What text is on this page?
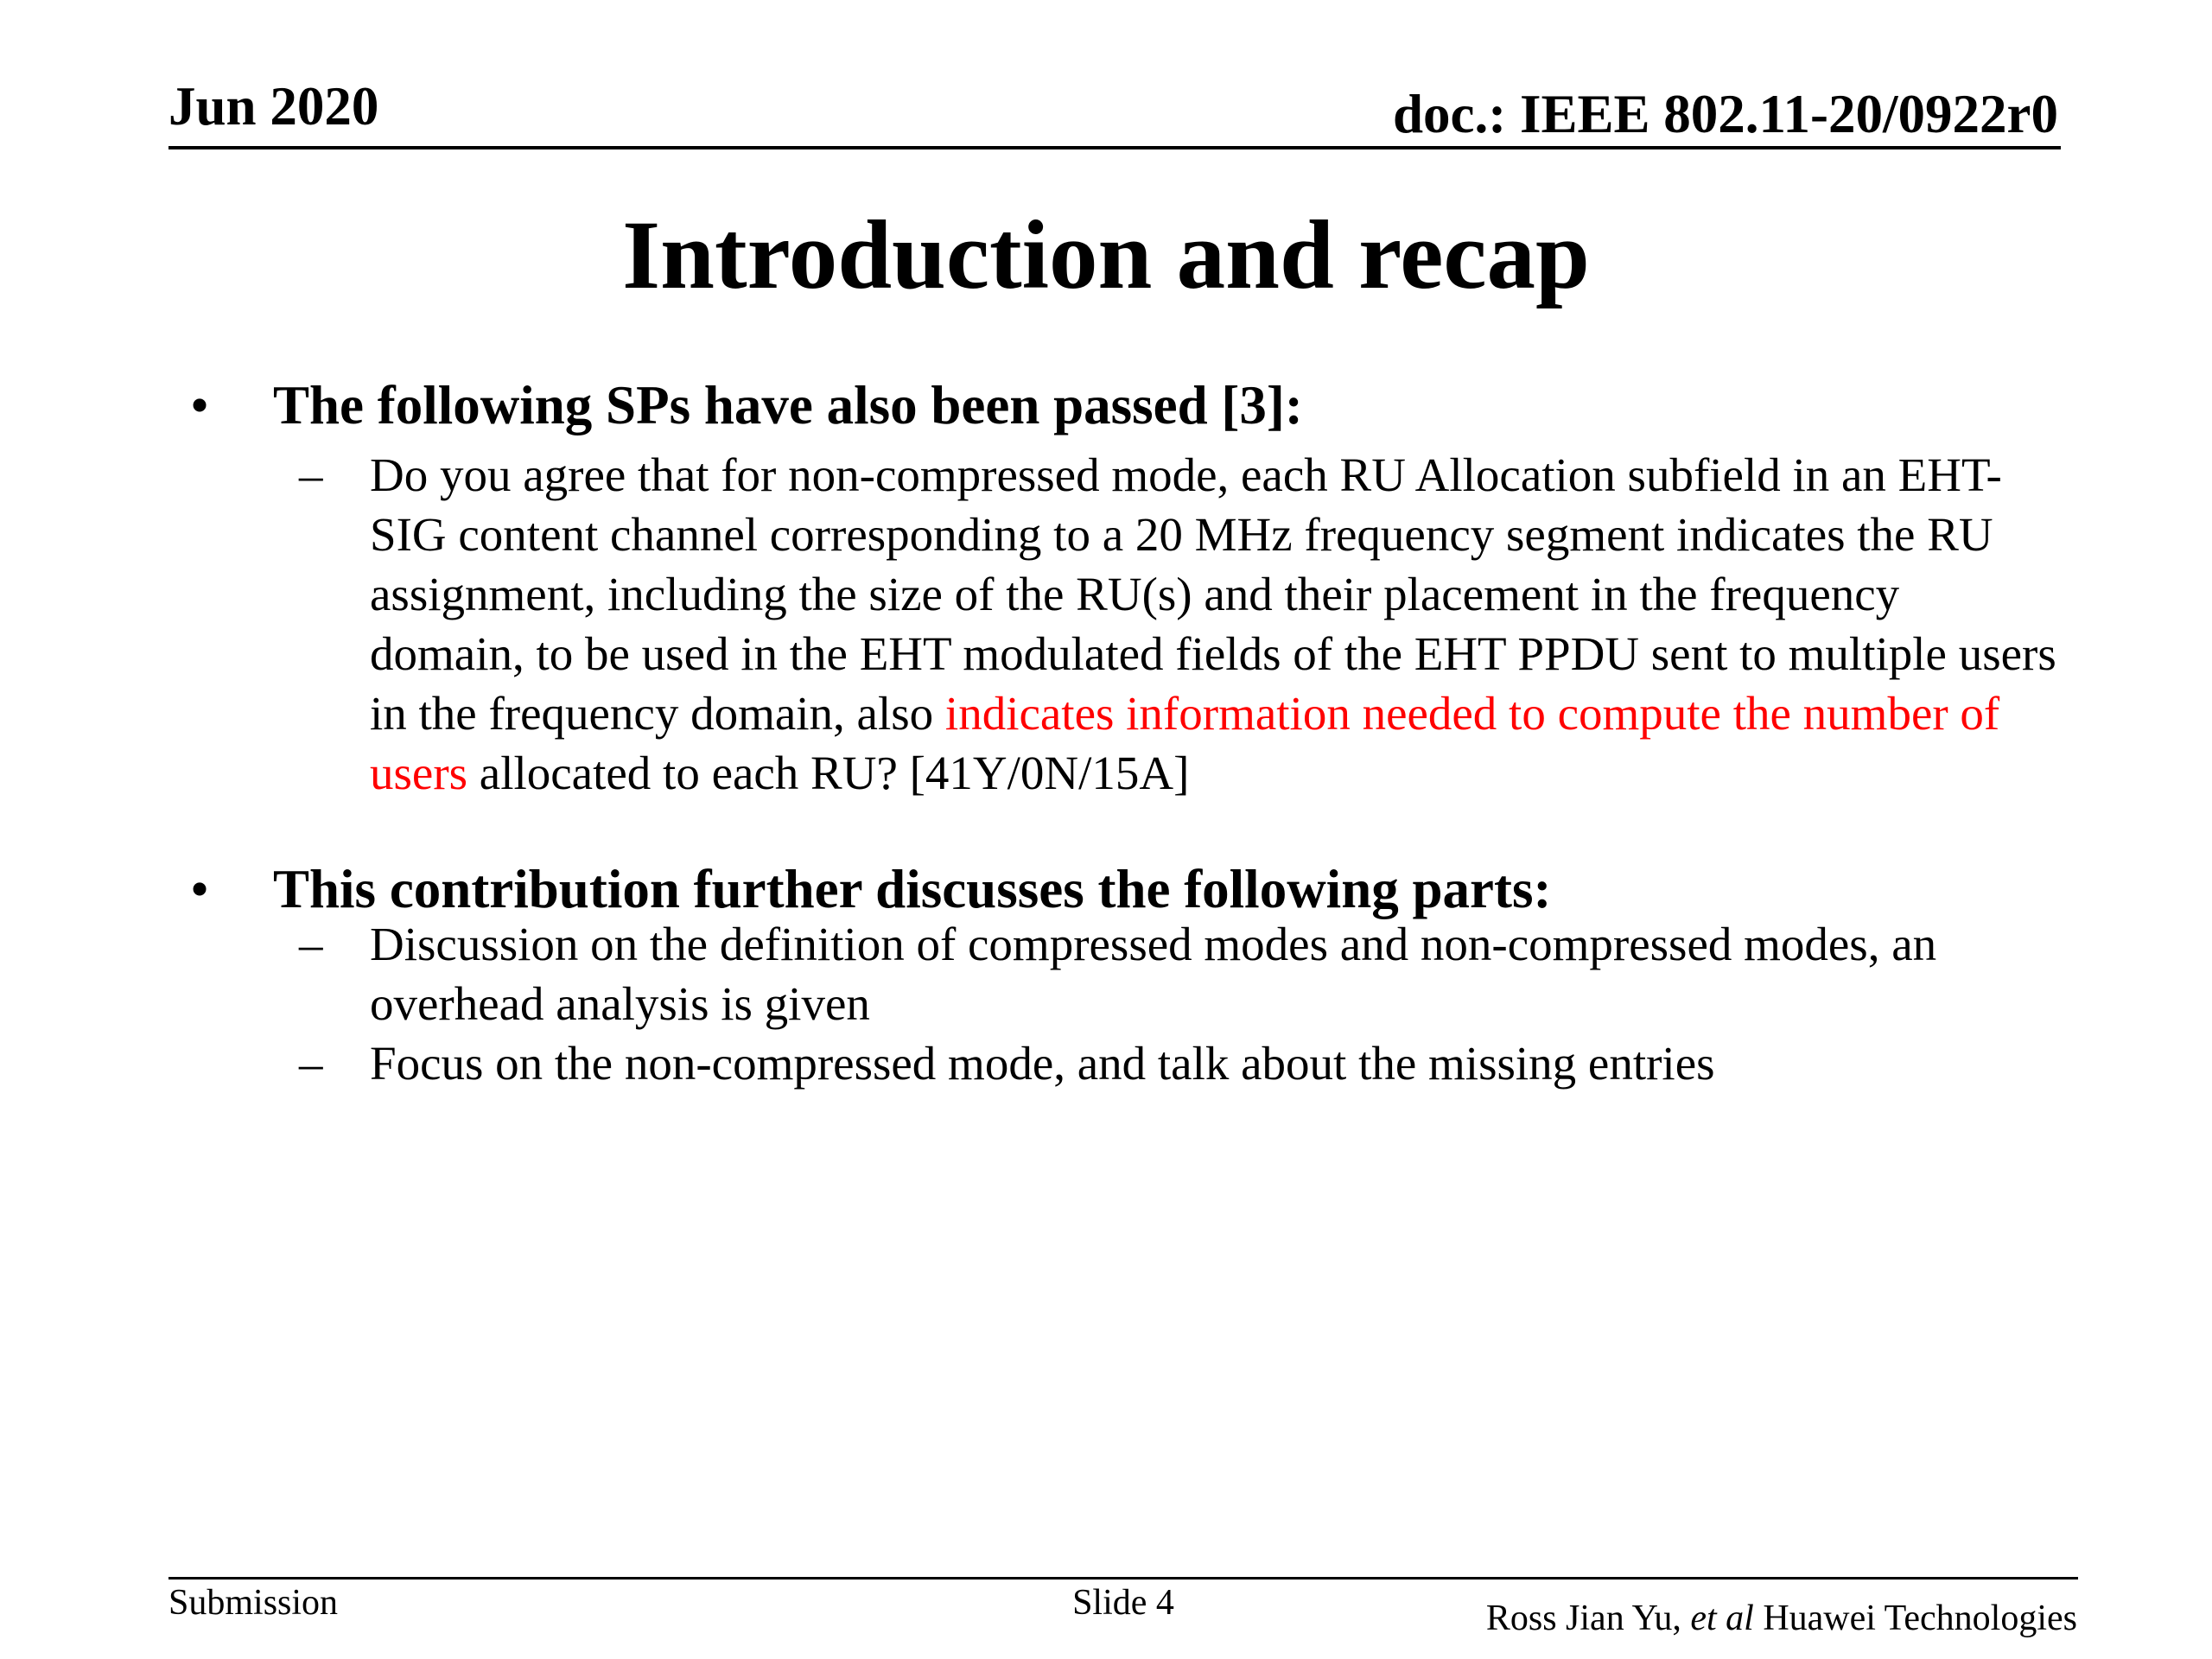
Jun 2020	doc.: IEEE 802.11-20/0922r0
Introduction and recap
• The following SPs have also been passed [3]:
– Do you agree that for non-compressed mode, each RU Allocation subfield in an EHT-SIG content channel corresponding to a 20 MHz frequency segment indicates the RU assignment, including the size of the RU(s) and their placement in the frequency domain, to be used in the EHT modulated fields of the EHT PPDU sent to multiple users in the frequency domain, also indicates information needed to compute the number of users allocated to each RU? [41Y/0N/15A]
• This contribution further discusses the following parts:
– Discussion on the definition of compressed modes and non-compressed modes, an overhead analysis is given
– Focus on the non-compressed mode, and talk about the missing entries
Submission	Slide 4	Ross Jian Yu, et al Huawei Technologies
